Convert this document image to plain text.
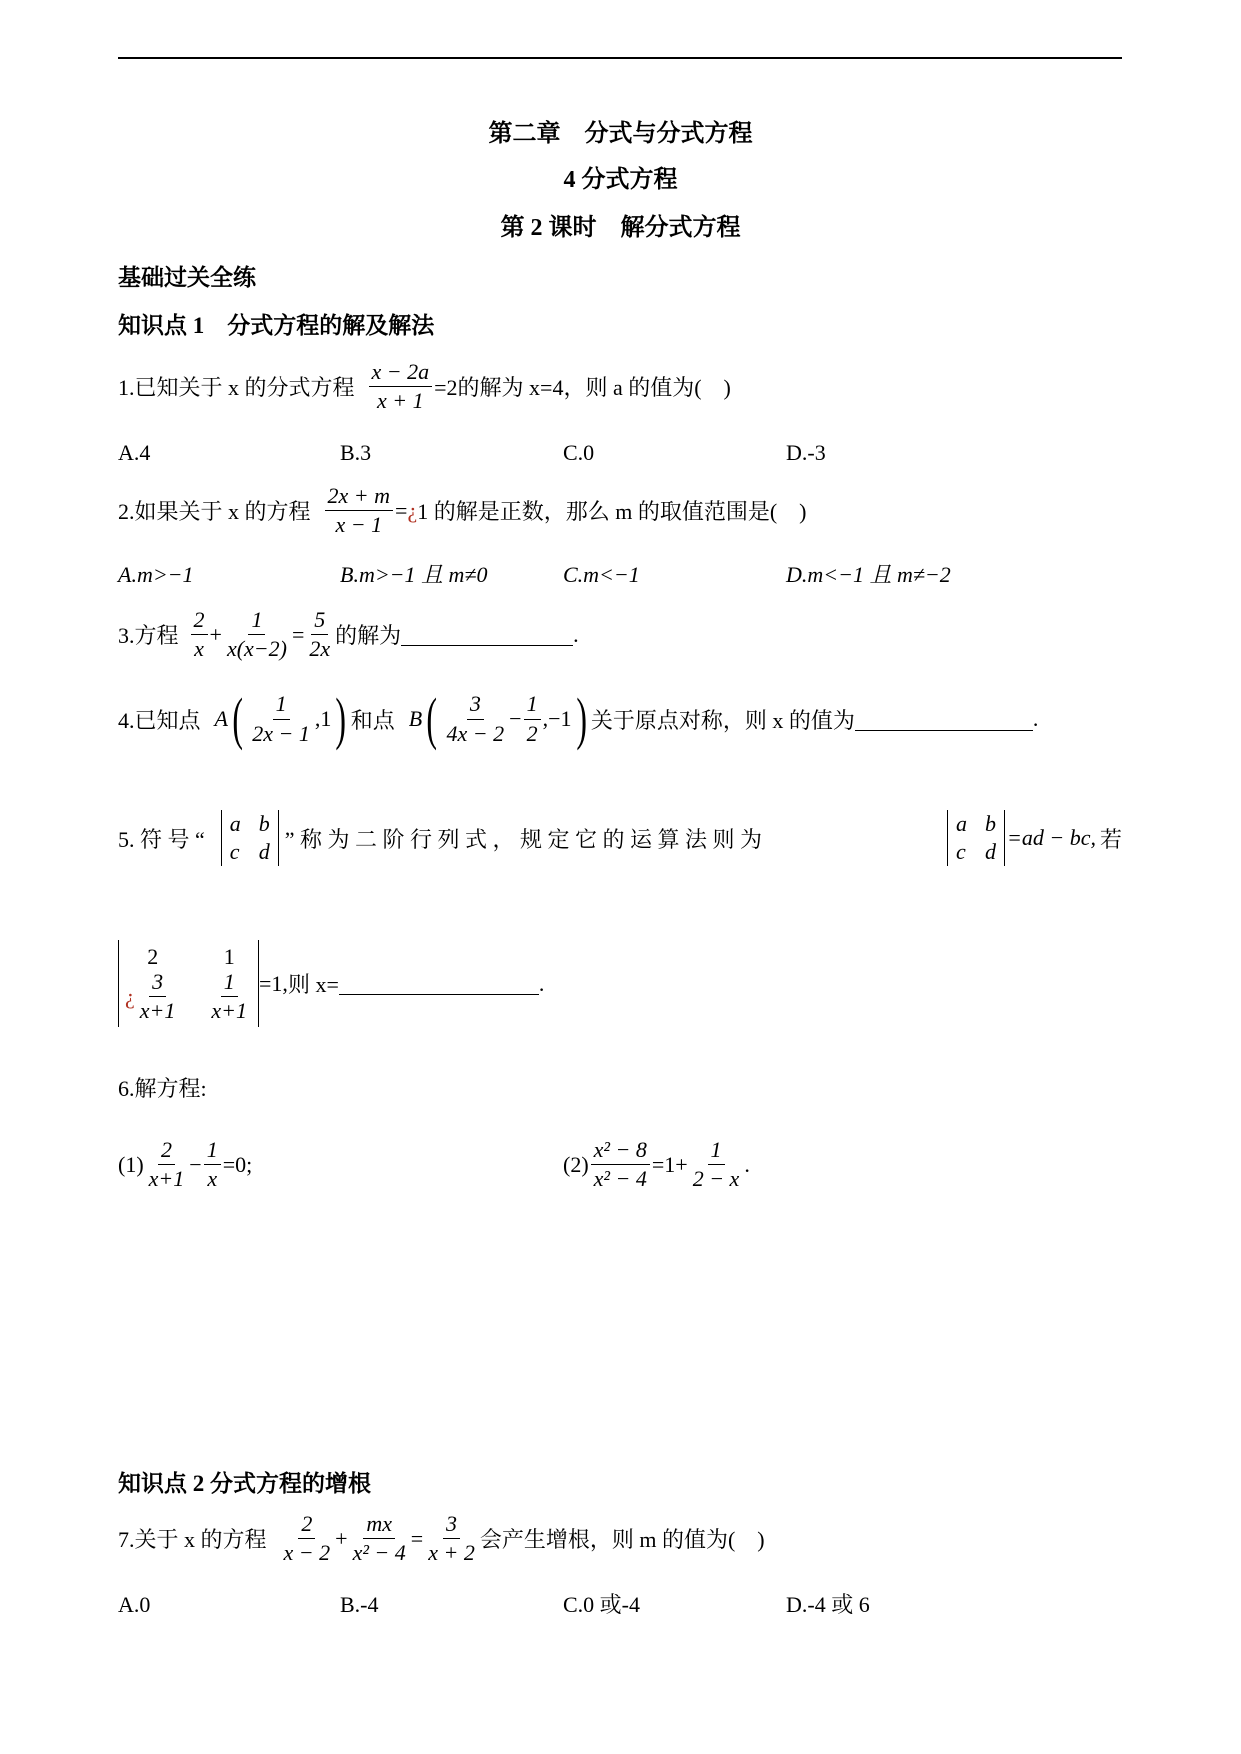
第二章　分式与分式方程
4 分式方程
第 2 课时　解分式方程
基础过关全练
知识点 1　分式方程的解及解法
1.已知关于 x 的分式方程 $\frac{x - 2a}{x + 1} =2$的解为 x=4，则 a 的值为(　)
A.4	B.3	C.0	D.-3
2.如果关于 x 的方程 $\frac{2x + m}{x - 1}$ = ¿ 1 的解是正数，那么 m 的取值范围是(　)
A.m>−1	B.m>−1 且 m≠0	C.m<−1	D.m<−1 且 m≠−2
3.方程 $\frac{2}{x} + \frac{1}{x(x-2)} = \frac{5}{2x}$ 的解为	.
4.已知点 A ( $\frac{1}{2x - 1} ,1$ ) 和点 B ( $\frac{3}{4x - 2} - \frac{1}{2} ,-1$ ) 关于原点对称，则 x 的值为	.
5. 符 号 “
a b
c d ” 称 为 二 阶 行 列 式 ， 规 定 它 的 运 算 法 则 为
a b
c d
=ad − bc, 若
2	1
¿ $\frac{3}{x+1} \frac{1}{x+1} =1$, 则 x=	.
6.解方程:
$(1) \frac{2}{x+1} - \frac{1}{x} =0$;	$(2) \frac{\text{x² − 8}}{\text{x² − 4}} =1+ \frac{1}{2 - x}$ .
知识点 2 分式方程的增根
7.关于 x 的方程 $\frac{2}{x - 2} + \frac{mx}{\text{x² − 4}} = \frac{3}{x + 2}$ 会产生增根，则 m 的值为(　)
A.0	B.-4	C.0 或-4	D.-4 或 6
